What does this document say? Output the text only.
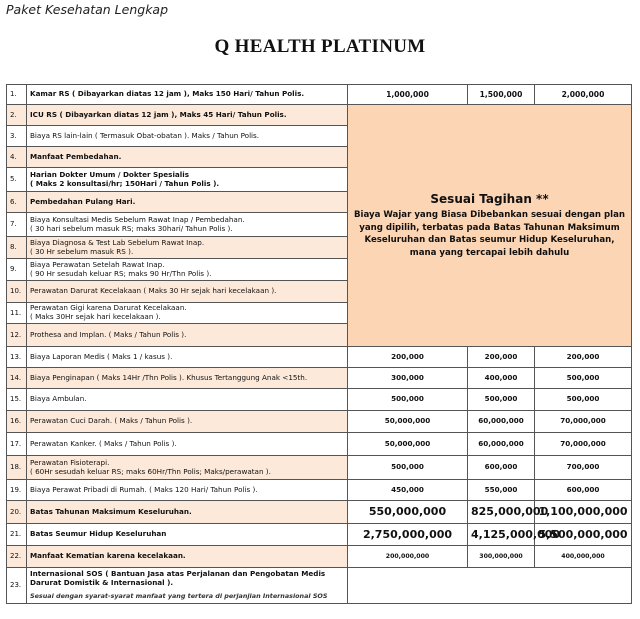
Paket Kesehatan Lengkap
Q HEALTH PLATINUM
1.	Kamar RS ( Dibayarkan diatas 12 jam ), Maks 150 Hari/ Tahun Polis.	1,000,000	1,500,000	2,000,000
2.	ICU RS ( Dibayarkan diatas 12 jam ), Maks 45 Hari/ Tahun Polis.	Sesuai Tagihan **
Biaya Wajar yang Biasa Dibebankan sesuai dengan plan yang dipilih, terbatas pada Batas Tahunan Maksimum Keseluruhan dan Batas seumur Hidup Keseluruhan, mana yang tercapai lebih dahulu		

3.	Biaya RS lain-lain ( Termasuk Obat-obatan ). Maks / Tahun Polis.			

4.	Manfaat Pembedahan.			

5.	Harian Dokter Umum / Dokter Spesialis
( Maks 2 konsultasi/hr; 150Hari / Tahun Polis ).			

6.	Pembedahan Pulang Hari.			

7.	Biaya Konsultasi Medis Sebelum Rawat Inap / Pembedahan.
( 30 hari sebelum masuk RS; maks 30hari/ Tahun Polis ).			

8.	Biaya Diagnosa & Test Lab Sebelum Rawat Inap.
( 30 Hr sebelum masuk RS ).			

9.	Biaya Perawatan Setelah Rawat Inap.
( 90 Hr sesudah keluar RS; maks 90 Hr/Thn Polis ).			

10.	Perawatan Darurat Kecelakaan ( Maks 30 Hr sejak hari kecelakaan ).			

11.	Perawatan Gigi karena Darurat Kecelakaan.
( Maks 30Hr sejak hari kecelakaan ).			

12.	Prothesa and Implan. ( Maks / Tahun Polis ).			

13.	Biaya Laporan Medis ( Maks 1 / kasus ).	200,000	200,000	200,000
14.	Biaya Penginapan ( Maks 14Hr /Thn Polis ). Khusus Tertanggung Anak <15th.	300,000	400,000	500,000
15.	Biaya Ambulan.	500,000	500,000	500,000
16.	Perawatan Cuci Darah. ( Maks / Tahun Polis ).	50,000,000	60,000,000	70,000,000
17.	Perawatan Kanker. ( Maks / Tahun Polis ).	50,000,000	60,000,000	70,000,000
18.	Perawatan Fisioterapi.
( 60Hr sesudah keluar RS; maks 60Hr/Thn Polis; Maks/perawatan ).	500,000	600,000	700,000
19.	Biaya Perawat Pribadi di Rumah. ( Maks 120 Hari/ Tahun Polis ).	450,000	550,000	600,000
20.	Batas Tahunan Maksimum Keseluruhan.	550,000,000	825,000,000	1,100,000,000
21.	Batas Seumur Hidup Keseluruhan	2,750,000,000	4,125,000,000	5,500,000,000
22.	Manfaat Kematian karena kecelakaan.	200,000,000	300,000,000	400,000,000
23.	Internasional SOS ( Bantuan Jasa atas Perjalanan dan Pengobatan Medis
Darurat Domistik & Internasional ).
Sesuai dengan syarat-syarat manfaat yang tertera di perjanjian Internasional SOS			
